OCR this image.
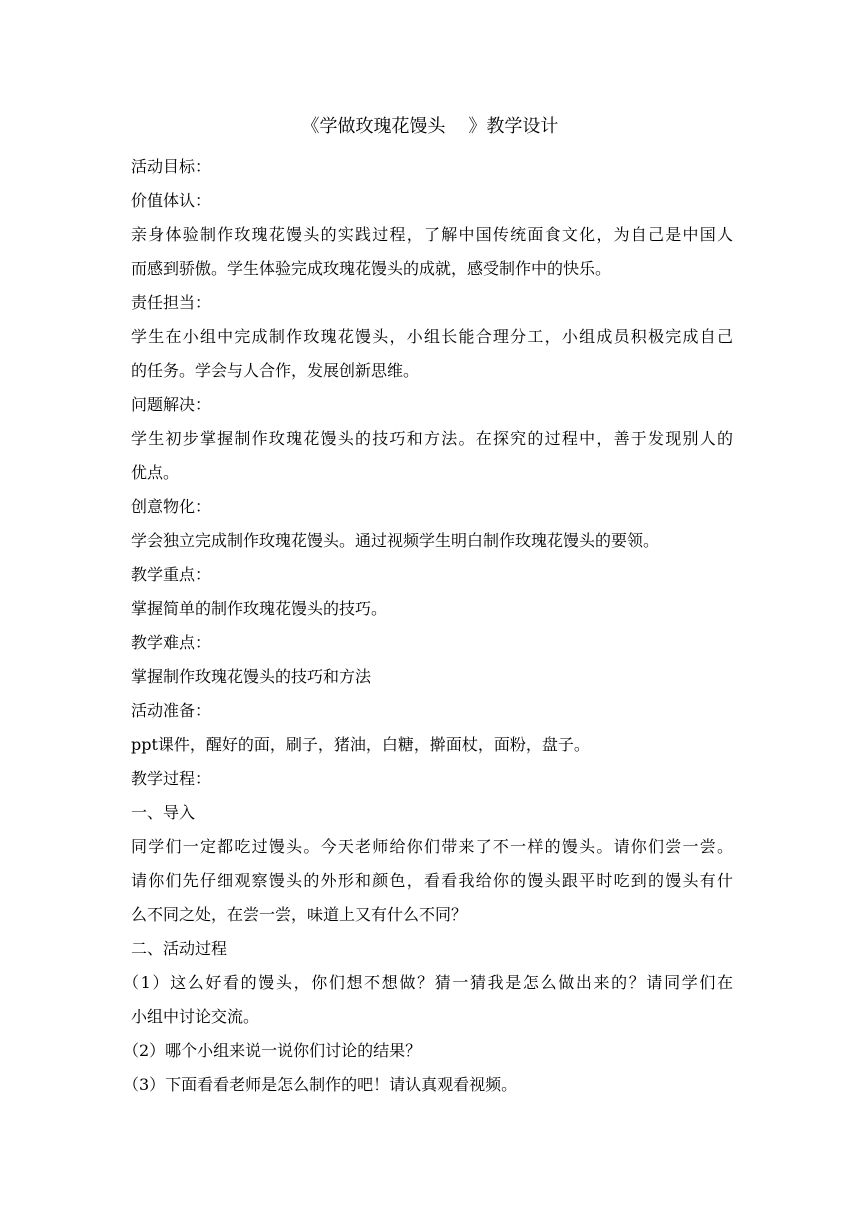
《学做玫瑰花馒头    》教学设计
活动目标：
价值体认：
亲身体验制作玫瑰花馒头的实践过程，了解中国传统面食文化，为自己是中国人
而感到骄傲。学生体验完成玫瑰花馒头的成就，感受制作中的快乐。
责任担当：
学生在小组中完成制作玫瑰花馒头，小组长能合理分工，小组成员积极完成自己
的任务。学会与人合作，发展创新思维。
问题解决：
学生初步掌握制作玫瑰花馒头的技巧和方法。在探究的过程中，善于发现别人的
优点。
创意物化：
学会独立完成制作玫瑰花馒头。通过视频学生明白制作玫瑰花馒头的要领。
教学重点：
掌握简单的制作玫瑰花馒头的技巧。
教学难点：
掌握制作玫瑰花馒头的技巧和方法
活动准备：
ppt课件，醒好的面，刷子，猪油，白糖，擀面杖，面粉，盘子。
教学过程：
一、导入
同学们一定都吃过馒头。今天老师给你们带来了不一样的馒头。请你们尝一尝。
请你们先仔细观察馒头的外形和颜色，看看我给你的馒头跟平时吃到的馒头有什
么不同之处，在尝一尝，味道上又有什么不同？
二、活动过程
（1）这么好看的馒头，你们想不想做？猜一猜我是怎么做出来的？请同学们在
小组中讨论交流。
（2）哪个小组来说一说你们讨论的结果？
（3）下面看看老师是怎么制作的吧！请认真观看视频。
